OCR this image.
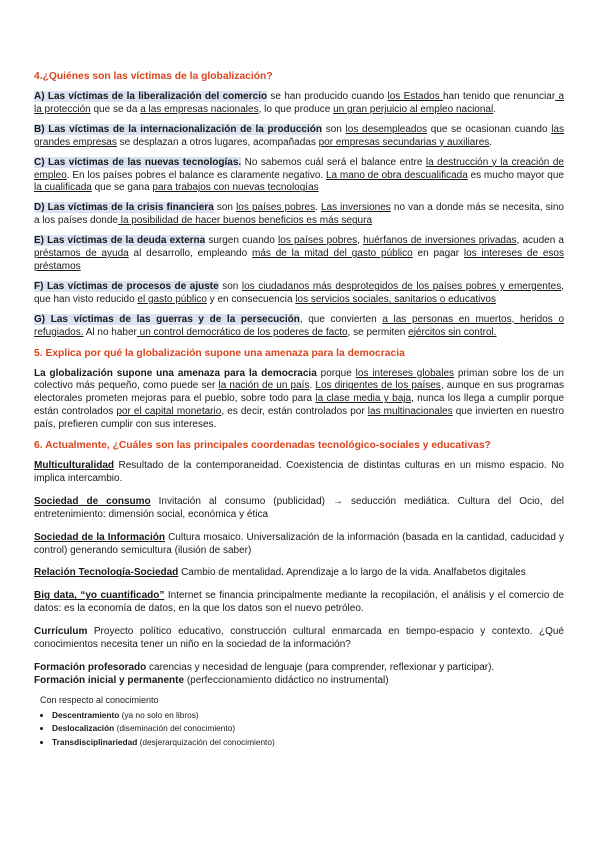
4.¿Quiénes son las víctimas de la globalización?

A) Las víctimas de la liberalización del comercio se han producido cuando los Estados han tenido que renunciar a la protección que se da a las empresas nacionales, lo que produce un gran perjuicio al empleo nacional.

B) Las víctimas de la internacionalización de la producción son los desempleados que se ocasionan cuando las grandes empresas se desplazan a otros lugares, acompañadas por empresas secundarias y auxiliares.

C) Las víctimas de las nuevas tecnologías. No sabemos cuál será el balance entre la destrucción y la creación de empleo. En los países pobres el balance es claramente negativo. La mano de obra descualificada es mucho mayor que la cualificada que se gana para trabajos con nuevas tecnologías

D) Las víctimas de la crisis financiera son los países pobres. Las inversiones no van a donde más se necesita, sino a los países donde la posibilidad de hacer buenos beneficios es más segura

E) Las víctimas de la deuda externa surgen cuando los países pobres, huérfanos de inversiones privadas, acuden a préstamos de ayuda al desarrollo, empleando más de la mitad del gasto público en pagar los intereses de esos préstamos

F) Las víctimas de procesos de ajuste son los ciudadanos más desprotegidos de los países pobres y emergentes, que han visto reducido el gasto público y en consecuencia los servicios sociales, sanitarios o educativos

G) Las víctimas de las guerras y de la persecución, que convierten a las personas en muertos, heridos o refugiados. Al no haber un control democrático de los poderes de facto, se permiten ejércitos sin control.

5. Explica por qué la globalización supone una amenaza para la democracia

La globalización supone una amenaza para la democracia porque los intereses globales priman sobre los de un colectivo más pequeño, como puede ser la nación de un país. Los dirigentes de los países, aunque en sus programas electorales prometen mejoras para el pueblo, sobre todo para la clase media y baja, nunca los llega a cumplir porque están controlados por el capital monetario, es decir, están controlados por las multinacionales que invierten en nuestro país, prefieren cumplir con sus intereses.

6. Actualmente, ¿Cuáles son las principales coordenadas tecnológico-sociales y educativas?

Multiculturalidad Resultado de la contemporaneidad. Coexistencia de distintas culturas en un mismo espacio. No implica intercambio.

Sociedad de consumo Invitación al consumo (publicidad) → seducción mediática. Cultura del Ocio, del entretenimiento: dimensión social, económica y ética

Sociedad de la Información Cultura mosaico. Universalización de la información (basada en la cantidad, caducidad y control) generando semicultura (ilusión de saber)

Relación Tecnología-Sociedad Cambio de mentalidad. Aprendizaje a lo largo de la vida. Analfabetos digitales

Big data, “yo cuantificado” Internet se financia principalmente mediante la recopilación, el análisis y el comercio de datos: es la economía de datos, en la que los datos son el nuevo petróleo.

Currículum Proyecto político educativo, construcción cultural enmarcada en tiempo-espacio y contexto. ¿Qué conocimientos necesita tener un niño en la sociedad de la información?

Formación profesorado carencias y necesidad de lenguaje (para comprender, reflexionar y participar).

Formación inicial y permanente (perfeccionamiento didáctico no instrumental)

Con respecto al conocimiento
• Descentramiento (ya no solo en libros)
• Deslocalización (diseminación del conocimiento)
• Transdisciplinariedad (desjerarquización del conocimiento)
